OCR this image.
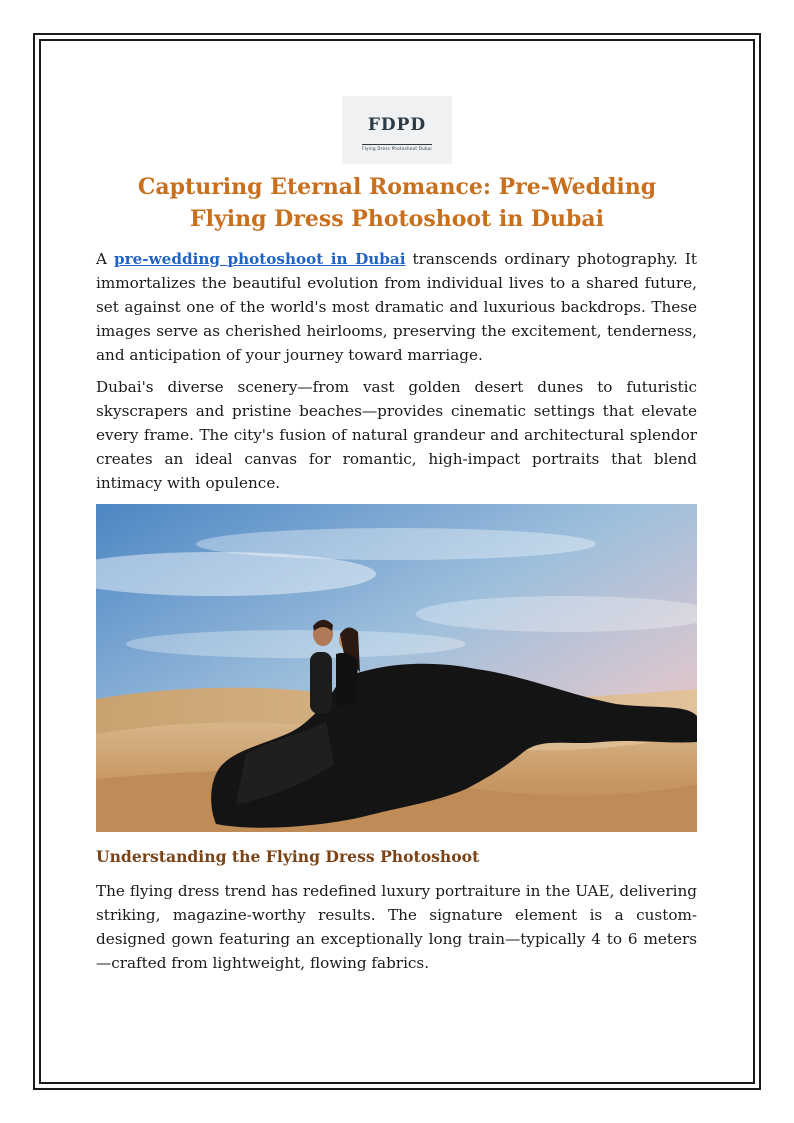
FDPD
Flying Dress Photoshoot Dubai
Capturing Eternal Romance: Pre-Wedding Flying Dress Photoshoot in Dubai

A pre-wedding photoshoot in Dubai transcends ordinary photography. It immortalizes the beautiful evolution from individual lives to a shared future, set against one of the world's most dramatic and luxurious backdrops. These images serve as cherished heirlooms, preserving the excitement, tenderness, and anticipation of your journey toward marriage.

Dubai's diverse scenery—from vast golden desert dunes to futuristic skyscrapers and pristine beaches—provides cinematic settings that elevate every frame. The city's fusion of natural grandeur and architectural splendor creates an ideal canvas for romantic, high-impact portraits that blend intimacy with opulence.

Understanding the Flying Dress Photoshoot

The flying dress trend has redefined luxury portraiture in the UAE, delivering striking, magazine-worthy results. The signature element is a custom-designed gown featuring an exceptionally long train—typically 4 to 6 meters—crafted from lightweight, flowing fabrics.
